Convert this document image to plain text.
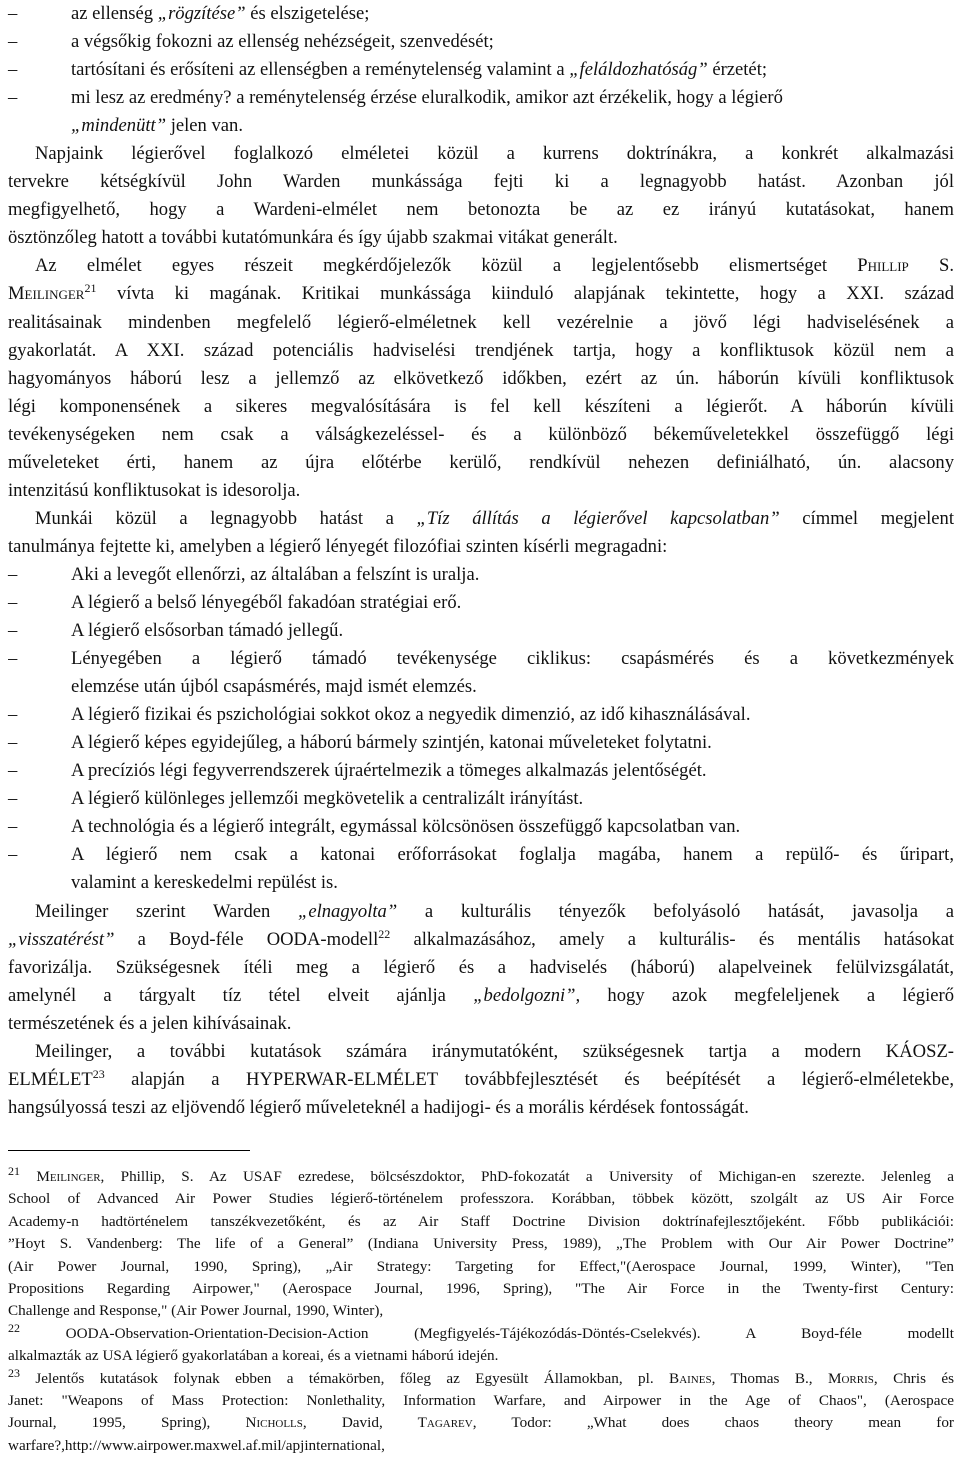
–	az ellenség „rögzítése” és elszigetelése;
–	a végsőkig fokozni az ellenség nehézségeit, szenvedését;
–	tartósítani és erősíteni az ellenségben a reménytelenség valamint a „feláldozhatóság” érzetét;
–	mi lesz az eredmény? a reménytelenség érzése eluralkodik, amikor azt érzékelik, hogy a légierő
„mindenütt” jelen van.
Napjaink légierővel foglalkozó elméletei közül a kurrens doktrínákra, a konkrét alkalmazási
tervekre kétségkívül John Warden munkássága fejti ki a legnagyobb hatást. Azonban jól
megfigyelhető, hogy a Wardeni-elmélet nem betonozta be az ez irányú kutatásokat, hanem
ösztönzőleg hatott a további kutatómunkára és így újabb szakmai vitákat generált.
Az elmélet egyes részeit megkérdőjelezők közül a legjelentősebb elismertséget Phillip S.
Meilinger$^{21}$ vívta ki magának. Kritikai munkássága kiinduló alapjának tekintette, hogy a XXI. század
realitásainak mindenben megfelelő légierő-elméletnek kell vezérelnie a jövő légi hadviselésének a
gyakorlatát. A XXI. század potenciális hadviselési trendjének tartja, hogy a konfliktusok közül nem a
hagyományos háború lesz a jellemző az elkövetkező időkben, ezért az ún. háborún kívüli konfliktusok
légi komponensének a sikeres megvalósítására is fel kell készíteni a légierőt. A háborún kívüli
tevékenységeken nem csak a válságkezeléssel- és a különböző békeműveletekkel összefüggő légi
műveleteket érti, hanem az újra előtérbe kerülő, rendkívül nehezen definiálható, ún. alacsony
intenzitású konfliktusokat is idesorolja.
Munkái közül a legnagyobb hatást a „Tíz állítás a légierővel kapcsolatban” címmel megjelent
tanulmánya fejtette ki, amelyben a légierő lényegét filozófiai szinten kísérli megragadni:
–	Aki a levegőt ellenőrzi, az általában a felszínt is uralja.
–	A légierő a belső lényegéből fakadóan stratégiai erő.
–	A légierő elsősorban támadó jellegű.
–	Lényegében a légierő támadó tevékenysége ciklikus: csapásmérés és a következmények
elemzése után újból csapásmérés, majd ismét elemzés.
–	A légierő fizikai és pszichológiai sokkot okoz a negyedik dimenzió, az idő kihasználásával.
–	A légierő képes egyidejűleg, a háború bármely szintjén, katonai műveleteket folytatni.
–	A precíziós légi fegyverrendszerek újraértelmezik a tömeges alkalmazás jelentőségét.
–	A légierő különleges jellemzői megkövetelik a centralizált irányítást.
–	A technológia és a légierő integrált, egymással kölcsönösen összefüggő kapcsolatban van.
–	A légierő nem csak a katonai erőforrásokat foglalja magába, hanem a repülő- és űripart,
valamint a kereskedelmi repülést is.
Meilinger szerint Warden „elnagyolta” a kulturális tényezők befolyásoló hatását, javasolja a
„visszatérést” a Boyd-féle OODA-modell$^{22}$ alkalmazásához, amely a kulturális- és mentális hatásokat
favorizálja. Szükségesnek ítéli meg a légierő és a hadviselés (háború) alapelveinek felülvizsgálatát,
amelynél a tárgyalt tíz tétel elveit ajánlja „bedolgozni”, hogy azok megfeleljenek a légierő
természetének és a jelen kihívásainak.
Meilinger, a további kutatások számára iránymutatóként, szükségesnek tartja a modern KÁOSZ-
ELMÉLET$^{23}$ alapján a HYPERWAR-ELMÉLET továbbfejlesztését és beépítését a légierő-elméletekbe,
hangsúlyossá teszi az eljövendő légierő műveleteknél a hadijogi- és a morális kérdések fontosságát.
$^{21}$ Meilinger, Phillip, S. Az USAF ezredese, bölcsészdoktor, PhD-fokozatát a University of Michigan-en szerezte. Jelenleg a
School of Advanced Air Power Studies légierő-történelem professzora. Korábban, többek között, szolgált az US Air Force
Academy-n hadtörténelem tanszékvezetőként, és az Air Staff Doctrine Division doktrínafejlesztőjeként. Főbb publikációi:
”Hoyt S. Vandenberg: The life of a General” (Indiana University Press, 1989), „The Problem with Our Air Power Doctrine”
(Air Power Journal, 1990, Spring), „Air Strategy: Targeting for Effect,"(Aerospace Journal, 1999, Winter), "Ten
Propositions Regarding Airpower," (Aerospace Journal, 1996, Spring), "The Air Force in the Twenty-first Century:
Challenge and Response," (Air Power Journal, 1990, Winter),
$^{22}$ OODA-Observation-Orientation-Decision-Action (Megfigyelés-Tájékozódás-Döntés-Cselekvés). A Boyd-féle modellt
alkalmazták az USA légierő gyakorlatában a koreai, és a vietnami háború idején.
$^{23}$ Jelentős kutatások folynak ebben a témakörben, főleg az Egyesült Államokban, pl. Baines, Thomas B., Morris, Chris és
Janet: "Weapons of Mass Protection: Nonlethality, Information Warfare, and Airpower in the Age of Chaos", (Aerospace
Journal, 1995, Spring), Nicholls, David, Tagarev, Todor: „What does chaos theory mean for
warfare?,http://www.airpower.maxwel.af.mil/apjinternational,
